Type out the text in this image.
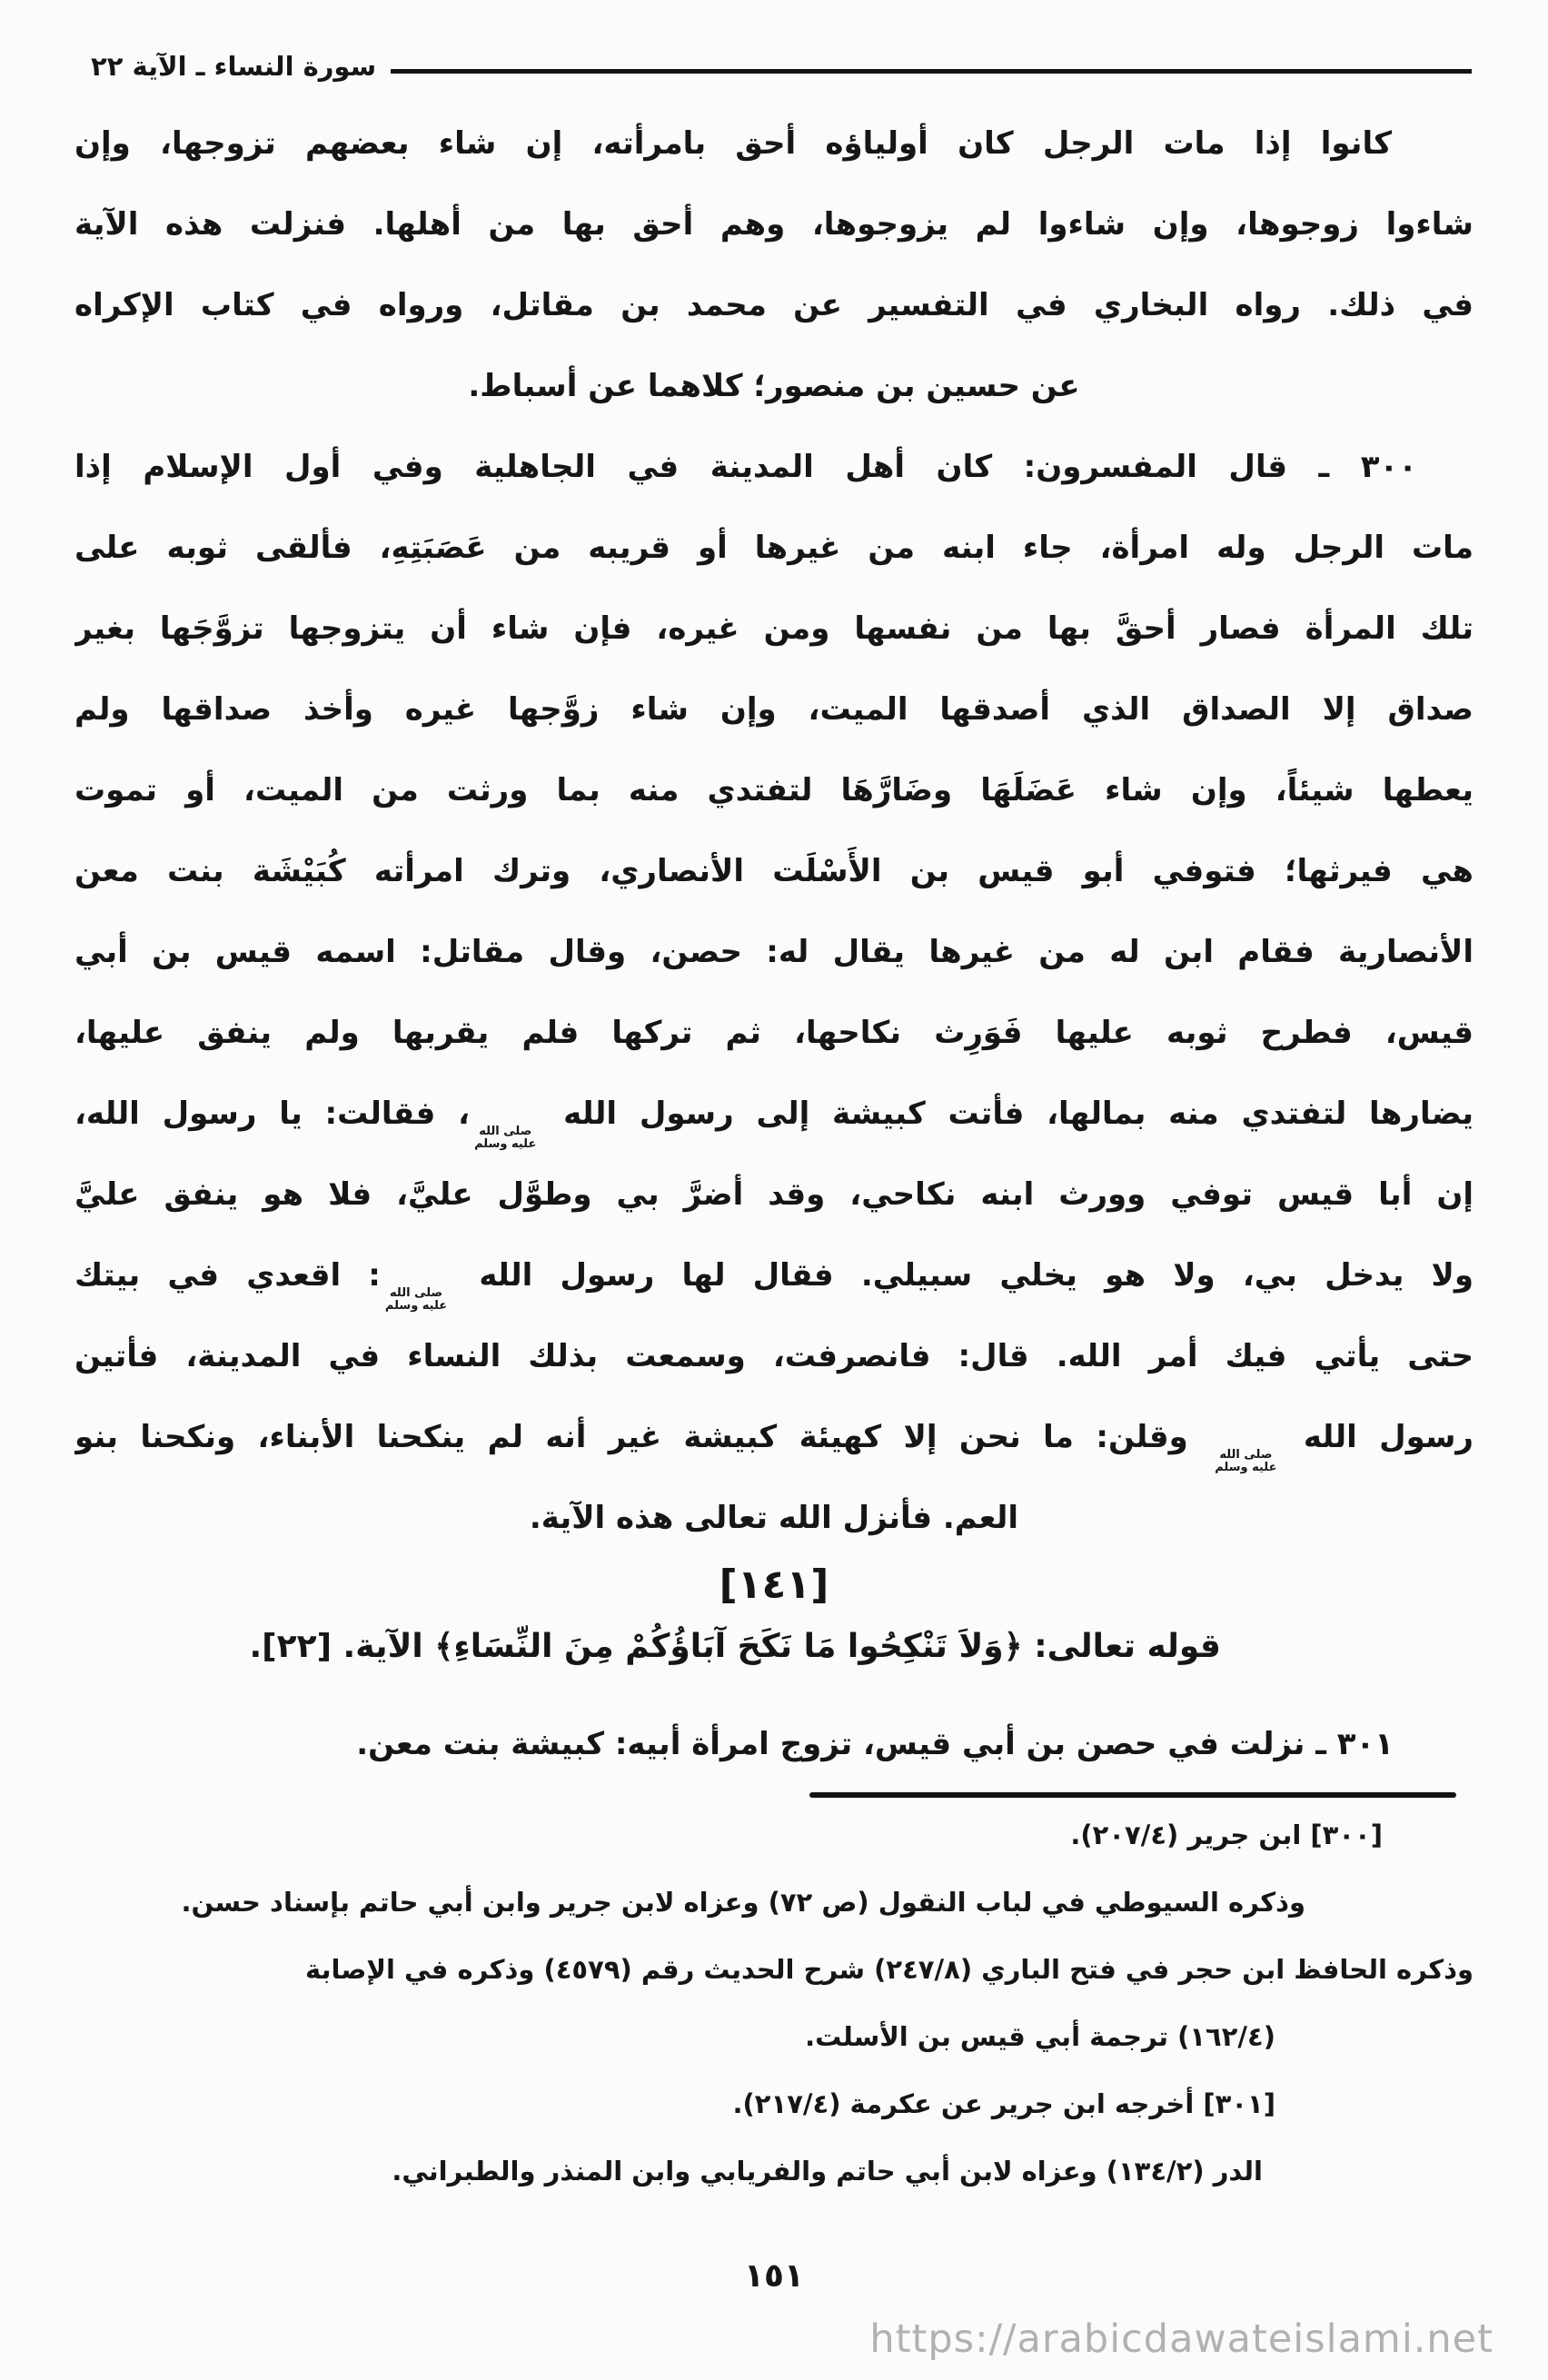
سورة النساء ـ الآية ٢٢
كانوا إذا مات الرجل كان أولياؤه أحق بامرأته، إن شاء بعضهم تزوجها، وإن
شاءوا زوجوها، وإن شاءوا لم يزوجوها، وهم أحق بها من أهلها. فنزلت هذه الآية
في ذلك. رواه البخاري في التفسير عن محمد بن مقاتل، ورواه في كتاب الإكراه
عن حسين بن منصور؛ كلاهما عن أسباط.
٣٠٠ ـ قال المفسرون: كان أهل المدينة في الجاهلية وفي أول الإسلام إذا
مات الرجل وله امرأة، جاء ابنه من غيرها أو قريبه من عَصَبَتِهِ، فألقى ثوبه على
تلك المرأة فصار أحقَّ بها من نفسها ومن غيره، فإن شاء أن يتزوجها تزوَّجَها بغير
صداق إلا الصداق الذي أصدقها الميت، وإن شاء زوَّجها غيره وأخذ صداقها ولم
يعطها شيئاً، وإن شاء عَضَلَهَا وضَارَّهَا لتفتدي منه بما ورثت من الميت، أو تموت
هي فيرثها؛ فتوفي أبو قيس بن الأَسْلَت الأنصاري، وترك امرأته كُبَيْشَة بنت معن
الأنصارية فقام ابن له من غيرها يقال له: حصن، وقال مقاتل: اسمه قيس بن أبي
قيس، فطرح ثوبه عليها فَوَرِث نكاحها، ثم تركها فلم يقربها ولم ينفق عليها،
يضارها لتفتدي منه بمالها، فأتت كبيشة إلى رسول الله
صلى الله
عليه وسلم
، فقالت: يا رسول الله،
إن أبا قيس توفي وورث ابنه نكاحي، وقد أضرَّ بي وطوَّل عليَّ، فلا هو ينفق عليَّ
ولا يدخل بي، ولا هو يخلي سبيلي. فقال لها رسول الله
صلى الله
عليه وسلم
: اقعدي في بيتك
حتى يأتي فيك أمر الله. قال: فانصرفت، وسمعت بذلك النساء في المدينة، فأتين
رسول الله
صلى الله
عليه وسلم
وقلن: ما نحن إلا كهيئة كبيشة غير أنه لم ينكحنا الأبناء، ونكحنا بنو
العم. فأنزل الله تعالى هذه الآية.
[١٤١]
قوله تعالى: ﴿وَلاَ تَنْكِحُوا مَا نَكَحَ آبَاؤُكُمْ مِنَ النِّسَاءِ﴾ الآية. [٢٢].
٣٠١ ـ نزلت في حصن بن أبي قيس، تزوج امرأة أبيه: كبيشة بنت معن.
[٣٠٠] ابن جرير (٢٠٧/٤).
وذكره السيوطي في لباب النقول (ص ٧٢) وعزاه لابن جرير وابن أبي حاتم بإسناد حسن.
وذكره الحافظ ابن حجر في فتح الباري (٢٤٧/٨) شرح الحديث رقم (٤٥٧٩) وذكره في الإصابة
(١٦٢/٤) ترجمة أبي قيس بن الأسلت.
[٣٠١] أخرجه ابن جرير عن عكرمة (٢١٧/٤).
الدر (١٣٤/٢) وعزاه لابن أبي حاتم والفريابي وابن المنذر والطبراني.
١٥١
https://arabicdawateislami.net
